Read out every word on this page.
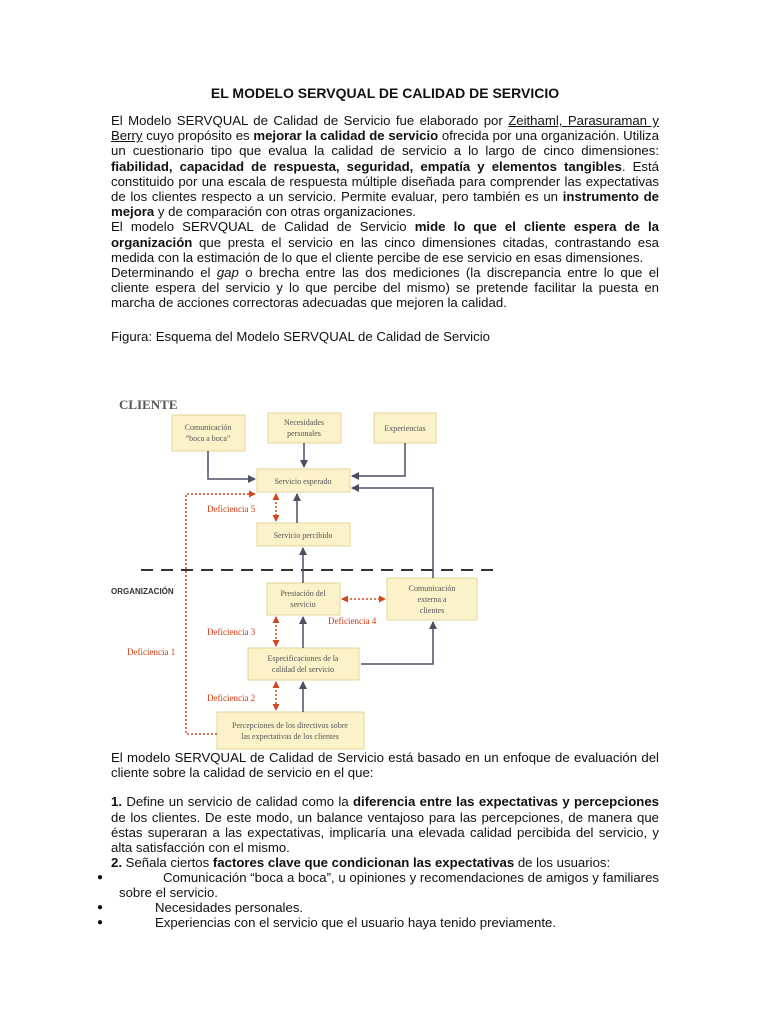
EL MODELO SERVQUAL DE CALIDAD DE SERVICIO

El Modelo SERVQUAL de Calidad de Servicio fue elaborado por Zeithaml, Parasuraman y Berry cuyo propósito es mejorar la calidad de servicio ofrecida por una organización. Utiliza un cuestionario tipo que evalua la calidad de servicio a lo largo de cinco dimensiones: fiabilidad, capacidad de respuesta, seguridad, empatía y elementos tangibles. Está constituido por una escala de respuesta múltiple diseñada para comprender las expectativas de los clientes respecto a un servicio. Permite evaluar, pero también es un instrumento de mejora y de comparación con otras organizaciones.

El modelo SERVQUAL de Calidad de Servicio mide lo que el cliente espera de la organización que presta el servicio en las cinco dimensiones citadas, contrastando esa medida con la estimación de lo que el cliente percibe de ese servicio en esas dimensiones.

Determinando el gap o brecha entre las dos mediciones (la discrepancia entre lo que el cliente espera del servicio y lo que percibe del mismo) se pretende facilitar la puesta en marcha de acciones correctoras adecuadas que mejoren la calidad.

Figura: Esquema del Modelo SERVQUAL de Calidad de Servicio
CLIENTE
ORGANIZACIÓN
Comunicación
“boca a boca”
Necesidades
personales
Experiencias
Servicio esperado
Servicio percibido
Prestación del
servicio
Comunicación
externa a
clientes
Especificaciones de la
calidad del servicio
Percepciones de los directivos sobre
las expectativas de los clientes
Deficiencia 5
Deficiencia 4
Deficiencia 3
Deficiencia 1
Deficiencia 2

El modelo SERVQUAL de Calidad de Servicio está basado en un enfoque de evaluación del cliente sobre la calidad de servicio en el que:

1. Define un servicio de calidad como la diferencia entre las expectativas y percepciones de los clientes. De este modo, un balance ventajoso para las percepciones, de manera que éstas superaran a las expectativas, implicaría una elevada calidad percibida del servicio, y alta satisfacción con el mismo.

2. Señala ciertos factores clave que condicionan las expectativas de los usuarios:

●	Comunicación “boca a boca”, u opiniones y recomendaciones de amigos y familiares sobre el servicio.
●	Necesidades personales.
●	Experiencias con el servicio que el usuario haya tenido previamente.
